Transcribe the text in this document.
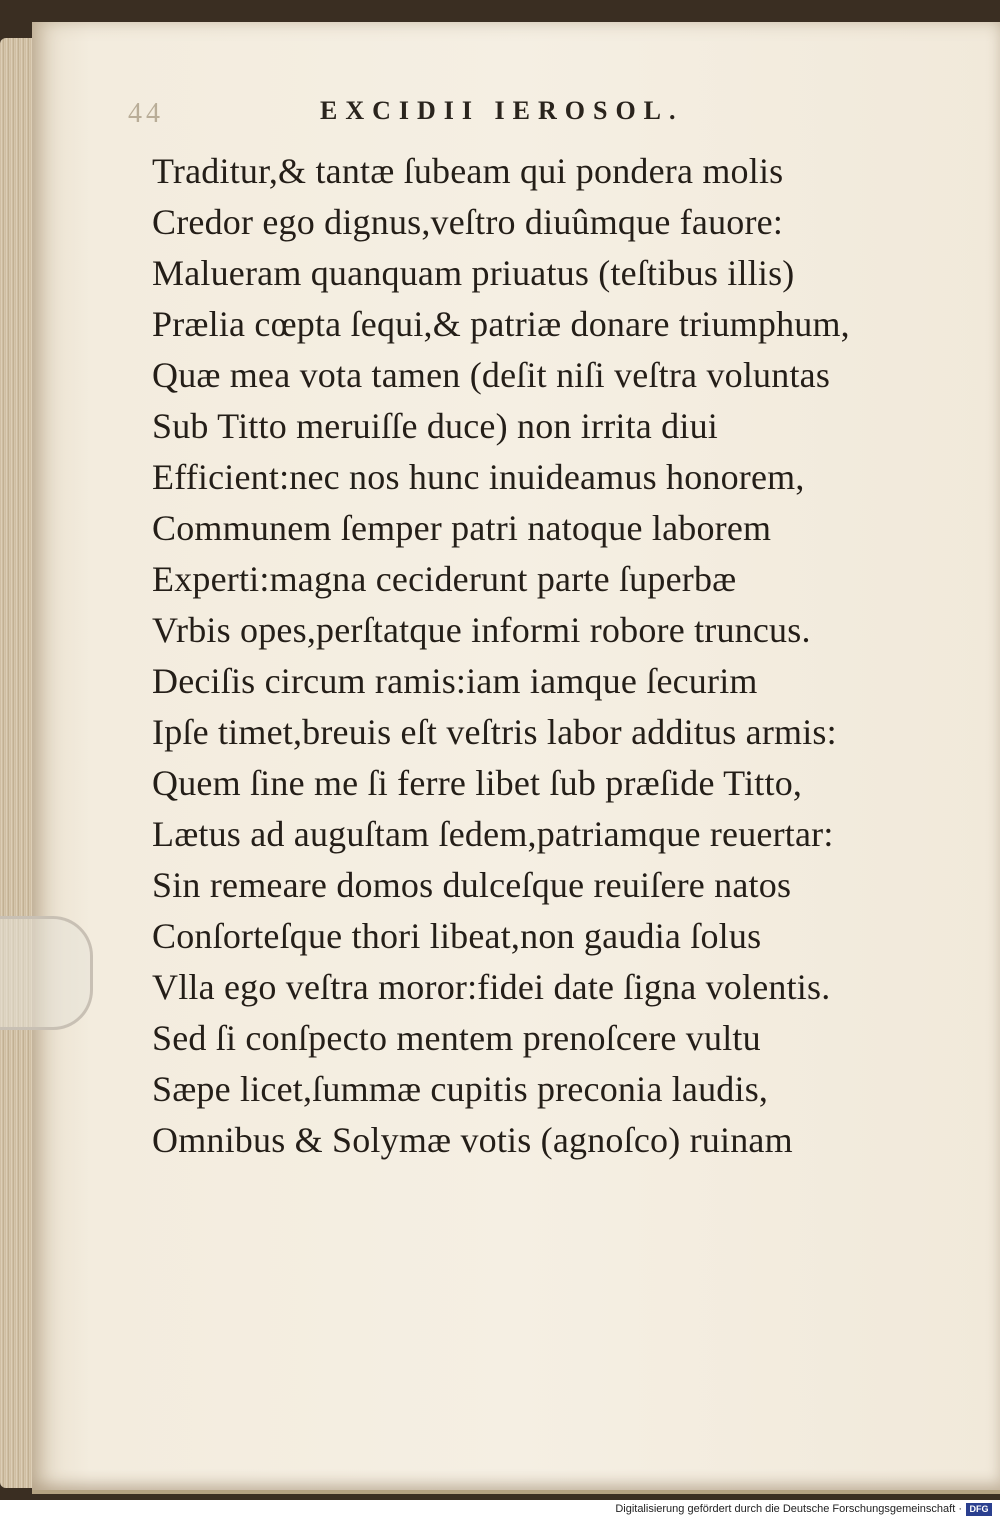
44	EXCIDII IEROSOL.
Traditur,& tantæ ſubeam qui pondera molis
Credor ego dignus,veſtro diuûmque fauore:
Malueram quanquam priuatus (teſtibus illis)
Prælia cœpta ſequi,& patriæ donare triumphum,
Quæ mea vota tamen (deſit niſi veſtra voluntas
Sub Titto meruiſſe duce) non irrita diui
Efficient:nec nos hunc inuideamus honorem,
Communem ſemper patri natoque laborem
Experti:magna ceciderunt parte ſuperbæ
Vrbis opes,perſtatque informi robore truncus.
Deciſis circum ramis:iam iamque ſecurim
Ipſe timet,breuis eſt veſtris labor additus armis:
Quem ſine me ſi ferre libet ſub præſide Titto,
Lætus ad auguſtam ſedem,patriamque reuertar:
Sin remeare domos dulceſque reuiſere natos
Conſorteſque thori libeat,non gaudia ſolus
Vlla ego veſtra moror:fidei date ſigna volentis.
Sed ſi conſpecto mentem prenoſcere vultu
Sæpe licet,ſummæ cupitis preconia laudis,
Omnibus & Solymæ votis (agnoſco) ruinam
Digitalisierung gefördert durch die Deutsche Forschungsgemeinschaft · DFG
